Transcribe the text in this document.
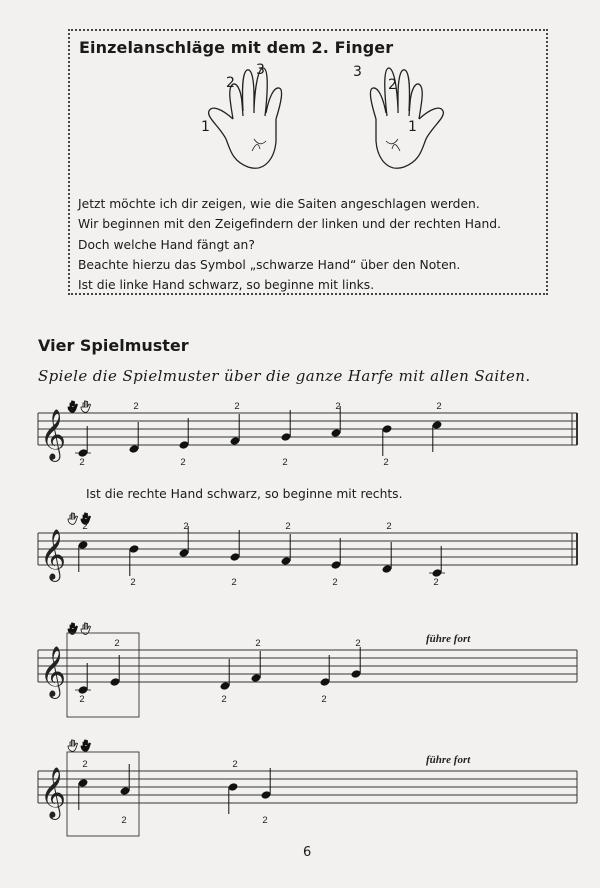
Einzelanschläge mit dem 2. Finger
1
2
3	3
2
1
Jetzt möchte ich dir zeigen, wie die Saiten angeschlagen werden.
Wir beginnen mit den Zeigefindern der linken und der rechten Hand.
Doch welche Hand fängt an?
Beachte hierzu das Symbol „schwarze Hand“ über den Noten.
Ist die linke Hand schwarz, so beginne mit links.
Vier Spielmuster
Spiele die Spielmuster über die ganze Harfe mit allen Saiten.
Ist die rechte Hand schwarz, so beginne mit rechts.
𝄞
2
2
2
2
2
2
2
2
𝄞
2
2
2
2
2
2
2
2
𝄞
2
2
2
2
2
2	führe fort
𝄞
2
2
2
2
führe fort
6
